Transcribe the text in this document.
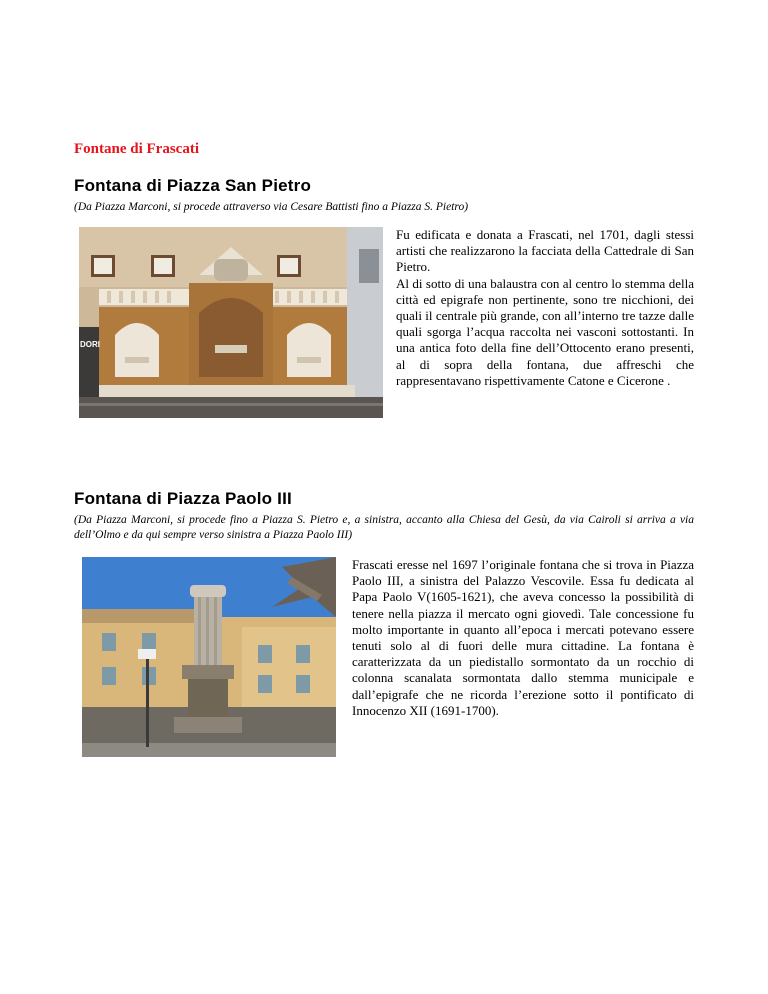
Fontane di Frascati
Fontana di Piazza San Pietro

(Da Piazza Marconi, si procede attraverso via Cesare Battisti fino a Piazza S. Pietro)

DORI

Fu edificata e donata a Frascati, nel 1701, dagli stessi artisti che realizzarono la facciata della Cattedrale di San Pietro.
Al di sotto di una balaustra con al centro lo stemma della città ed epigrafe non pertinente, sono tre nicchioni, dei quali il centrale più grande, con all’interno tre tazze dalle quali sgorga l’acqua raccolta nei vasconi sottostanti. In una antica foto della fine dell’Ottocento erano presenti, al di sopra della fontana, due affreschi che rappresentavano rispettivamente Catone e Cicerone .

Fontana di Piazza Paolo III

(Da Piazza Marconi, si procede fino a Piazza S. Pietro e, a sinistra, accanto alla Chiesa del Gesù, da via Cairoli si arriva a via dell’Olmo e da qui sempre verso sinistra a Piazza Paolo III)

Frascati eresse nel 1697 l’originale fontana che si trova in Piazza Paolo III, a sinistra del Palazzo Vescovile. Essa fu dedicata al Papa Paolo V(1605-1621), che aveva concesso la possibilità di tenere nella piazza il mercato ogni giovedì. Tale concessione fu molto importante in quanto all’epoca i mercati potevano essere tenuti solo al di fuori delle mura cittadine. La fontana è caratterizzata da un piedistallo sormontato da un rocchio di colonna scanalata sormontata dallo stemma municipale e dall’epigrafe che ne ricorda l’erezione sotto il pontificato di Innocenzo XII (1691-1700).
